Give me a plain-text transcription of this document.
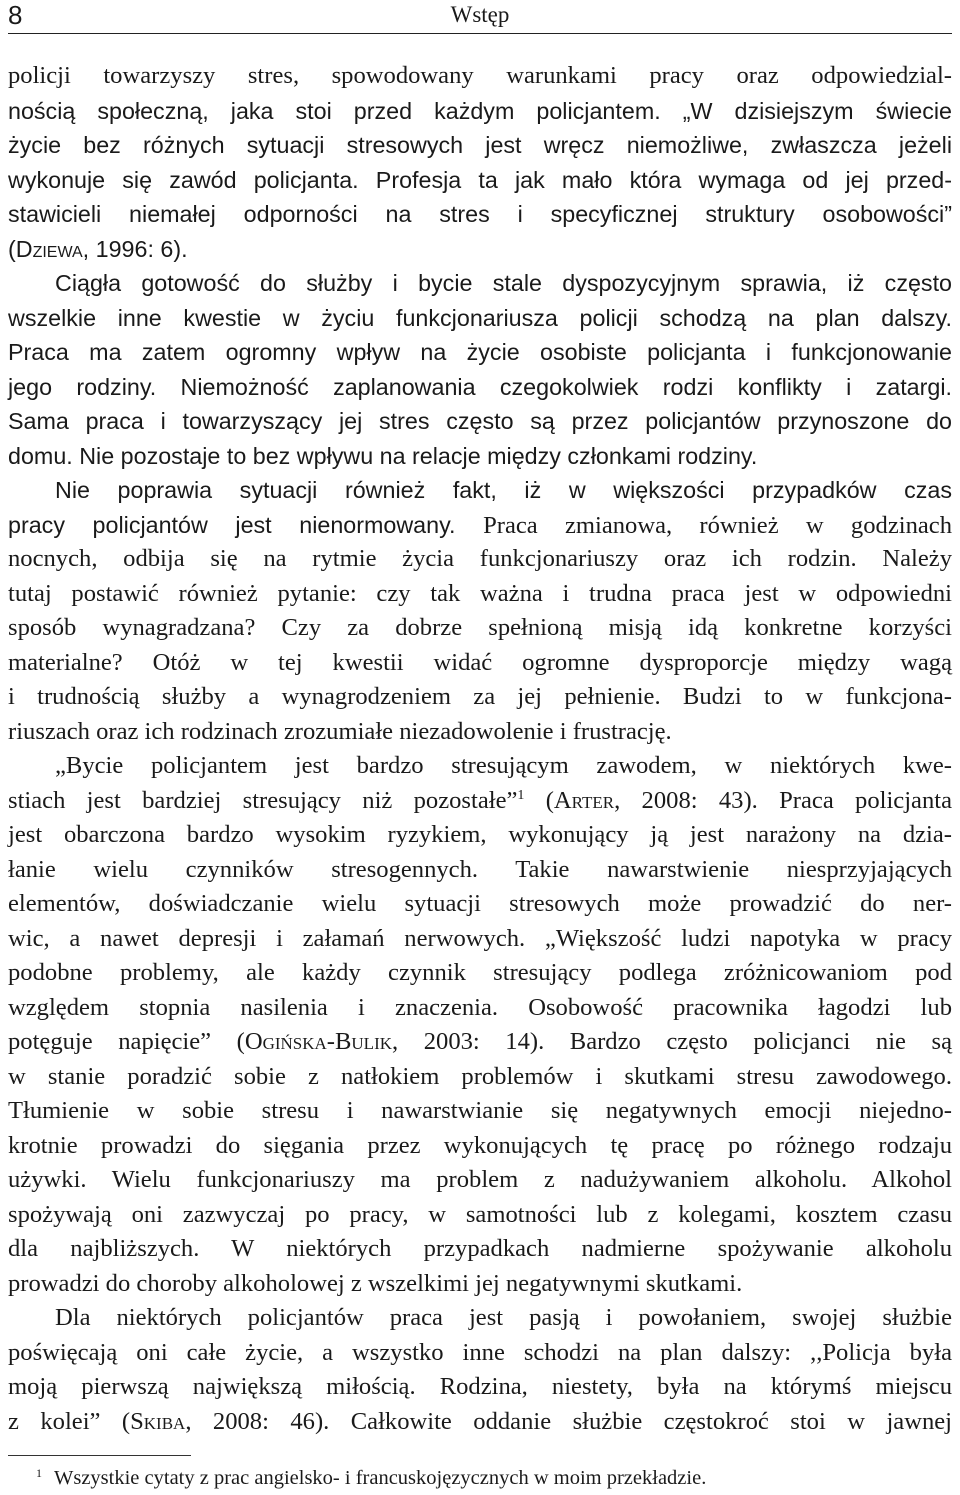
8	Wstęp
policji towarzyszy stres, spowodowany warunkami pracy oraz odpowiedzial-
nością społeczną, jaka stoi przed każdym policjantem. „W dzisiejszym świecie
życie bez różnych sytuacji stresowych jest wręcz niemożliwe, zwłaszcza jeżeli
wykonuje się zawód policjanta. Profesja ta jak mało która wymaga od jej przed-
stawicieli niemałej odporności na stres i specyficznej struktury osobowości”
(Dziewa, 1996: 6).
Ciągła gotowość do służby i bycie stale dyspozycyjnym sprawia, iż często
wszelkie inne kwestie w życiu funkcjonariusza policji schodzą na plan dalszy.
Praca ma zatem ogromny wpływ na życie osobiste policjanta i funkcjonowanie
jego rodziny. Niemożność zaplanowania czegokolwiek rodzi konflikty i zatargi.
Sama praca i towarzyszący jej stres często są przez policjantów przynoszone do
domu. Nie pozostaje to bez wpływu na relacje między członkami rodziny.
Nie poprawia sytuacji również fakt, iż w większości przypadków czas
pracy policjantów jest nienormowany. Praca zmianowa, również w godzinach
nocnych, odbija się na rytmie życia funkcjonariuszy oraz ich rodzin. Należy
tutaj postawić również pytanie: czy tak ważna i trudna praca jest w odpowiedni
sposób wynagradzana? Czy za dobrze spełnioną misją idą konkretne korzyści
materialne? Otóż w tej kwestii widać ogromne dysproporcje między wagą
i trudnością służby a wynagrodzeniem za jej pełnienie. Budzi to w funkcjona-
riuszach oraz ich rodzinach zrozumiałe niezadowolenie i frustrację.
„Bycie policjantem jest bardzo stresującym zawodem, w niektórych kwe-
stiach jest bardziej stresujący niż pozostałe”$^1$ (Arter, 2008: 43). Praca policjanta
jest obarczona bardzo wysokim ryzykiem, wykonujący ją jest narażony na dzia-
łanie wielu czynników stresogennych. Takie nawarstwienie niesprzyjających
elementów, doświadczanie wielu sytuacji stresowych może prowadzić do ner-
wic, a nawet depresji i załamań nerwowych. „Większość ludzi napotyka w pracy
podobne problemy, ale każdy czynnik stresujący podlega zróżnicowaniom pod
względem stopnia nasilenia i znaczenia. Osobowość pracownika łagodzi lub
potęguje napięcie” (Ogińska-Bulik, 2003: 14). Bardzo często policjanci nie są
w stanie poradzić sobie z natłokiem problemów i skutkami stresu zawodowego.
Tłumienie w sobie stresu i nawarstwianie się negatywnych emocji niejedno-
krotnie prowadzi do sięgania przez wykonujących tę pracę po różnego rodzaju
używki. Wielu funkcjonariuszy ma problem z nadużywaniem alkoholu. Alkohol
spożywają oni zazwyczaj po pracy, w samotności lub z kolegami, kosztem czasu
dla najbliższych. W niektórych przypadkach nadmierne spożywanie alkoholu
prowadzi do choroby alkoholowej z wszelkimi jej negatywnymi skutkami.
Dla niektórych policjantów praca jest pasją i powołaniem, swojej służbie
poświęcają oni całe życie, a wszystko inne schodzi na plan dalszy: ,,Policja była
moją pierwszą największą miłością. Rodzina, niestety, była na którymś miejscu
z kolei” (Skiba, 2008: 46). Całkowite oddanie służbie częstokroć stoi w jawnej
$^1$ Wszystkie cytaty z prac angielsko- i francuskojęzycznych w moim przekładzie.
